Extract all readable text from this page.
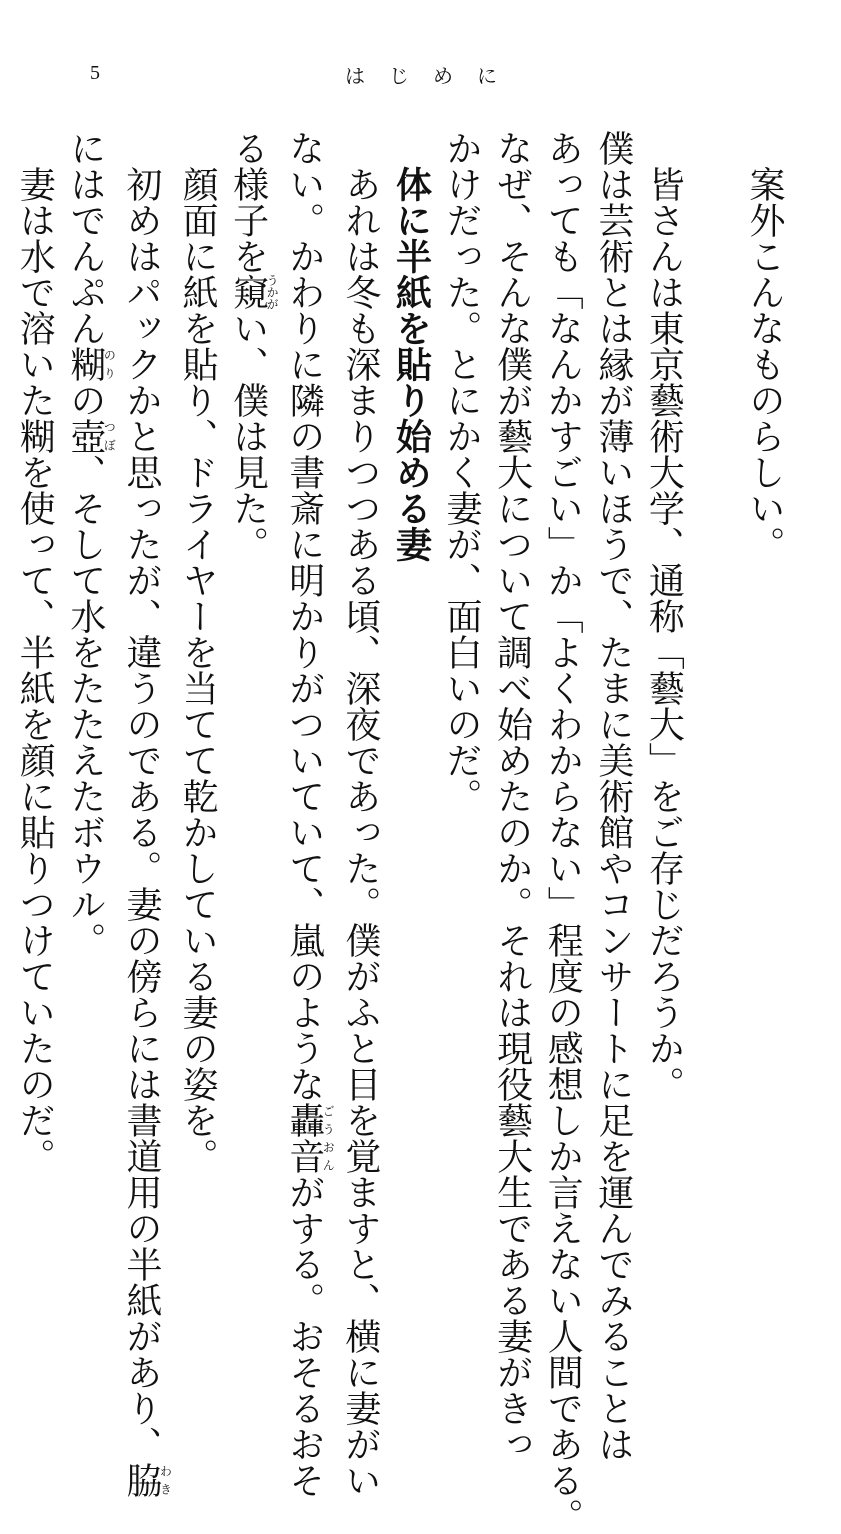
5	はじめに
案外こんなものらしい。
皆さんは東京藝術大学、通称「藝大」をご存じだろうか。
僕は芸術とは縁が薄いほうで、たまに美術館やコンサートに足を運んでみることは
あっても「なんかすごい」か「よくわからない」程度の感想しか言えない人間である。
なぜ、そんな僕が藝大について調べ始めたのか。それは現役藝大生である妻がきっ
かけだった。とにかく妻が、面白いのだ。
体に半紙を貼り始める妻
あれは冬も深まりつつある頃、深夜であった。僕がふと目を覚ますと、横に妻がい
ない。かわりに隣の書斎に明かりがついていて、嵐のような轟音ごうおんがする。おそるおそ
る様子を窺うかがい、僕は見た。
顔面に紙を貼り、ドライヤーを当てて乾かしている妻の姿を。
初めはパックかと思ったが、違うのである。妻の傍らには書道用の半紙があり、脇わき
にはでんぷん糊のりの壺つぼ、そして水をたたえたボウル。
妻は水で溶いた糊を使って、半紙を顔に貼りつけていたのだ。
